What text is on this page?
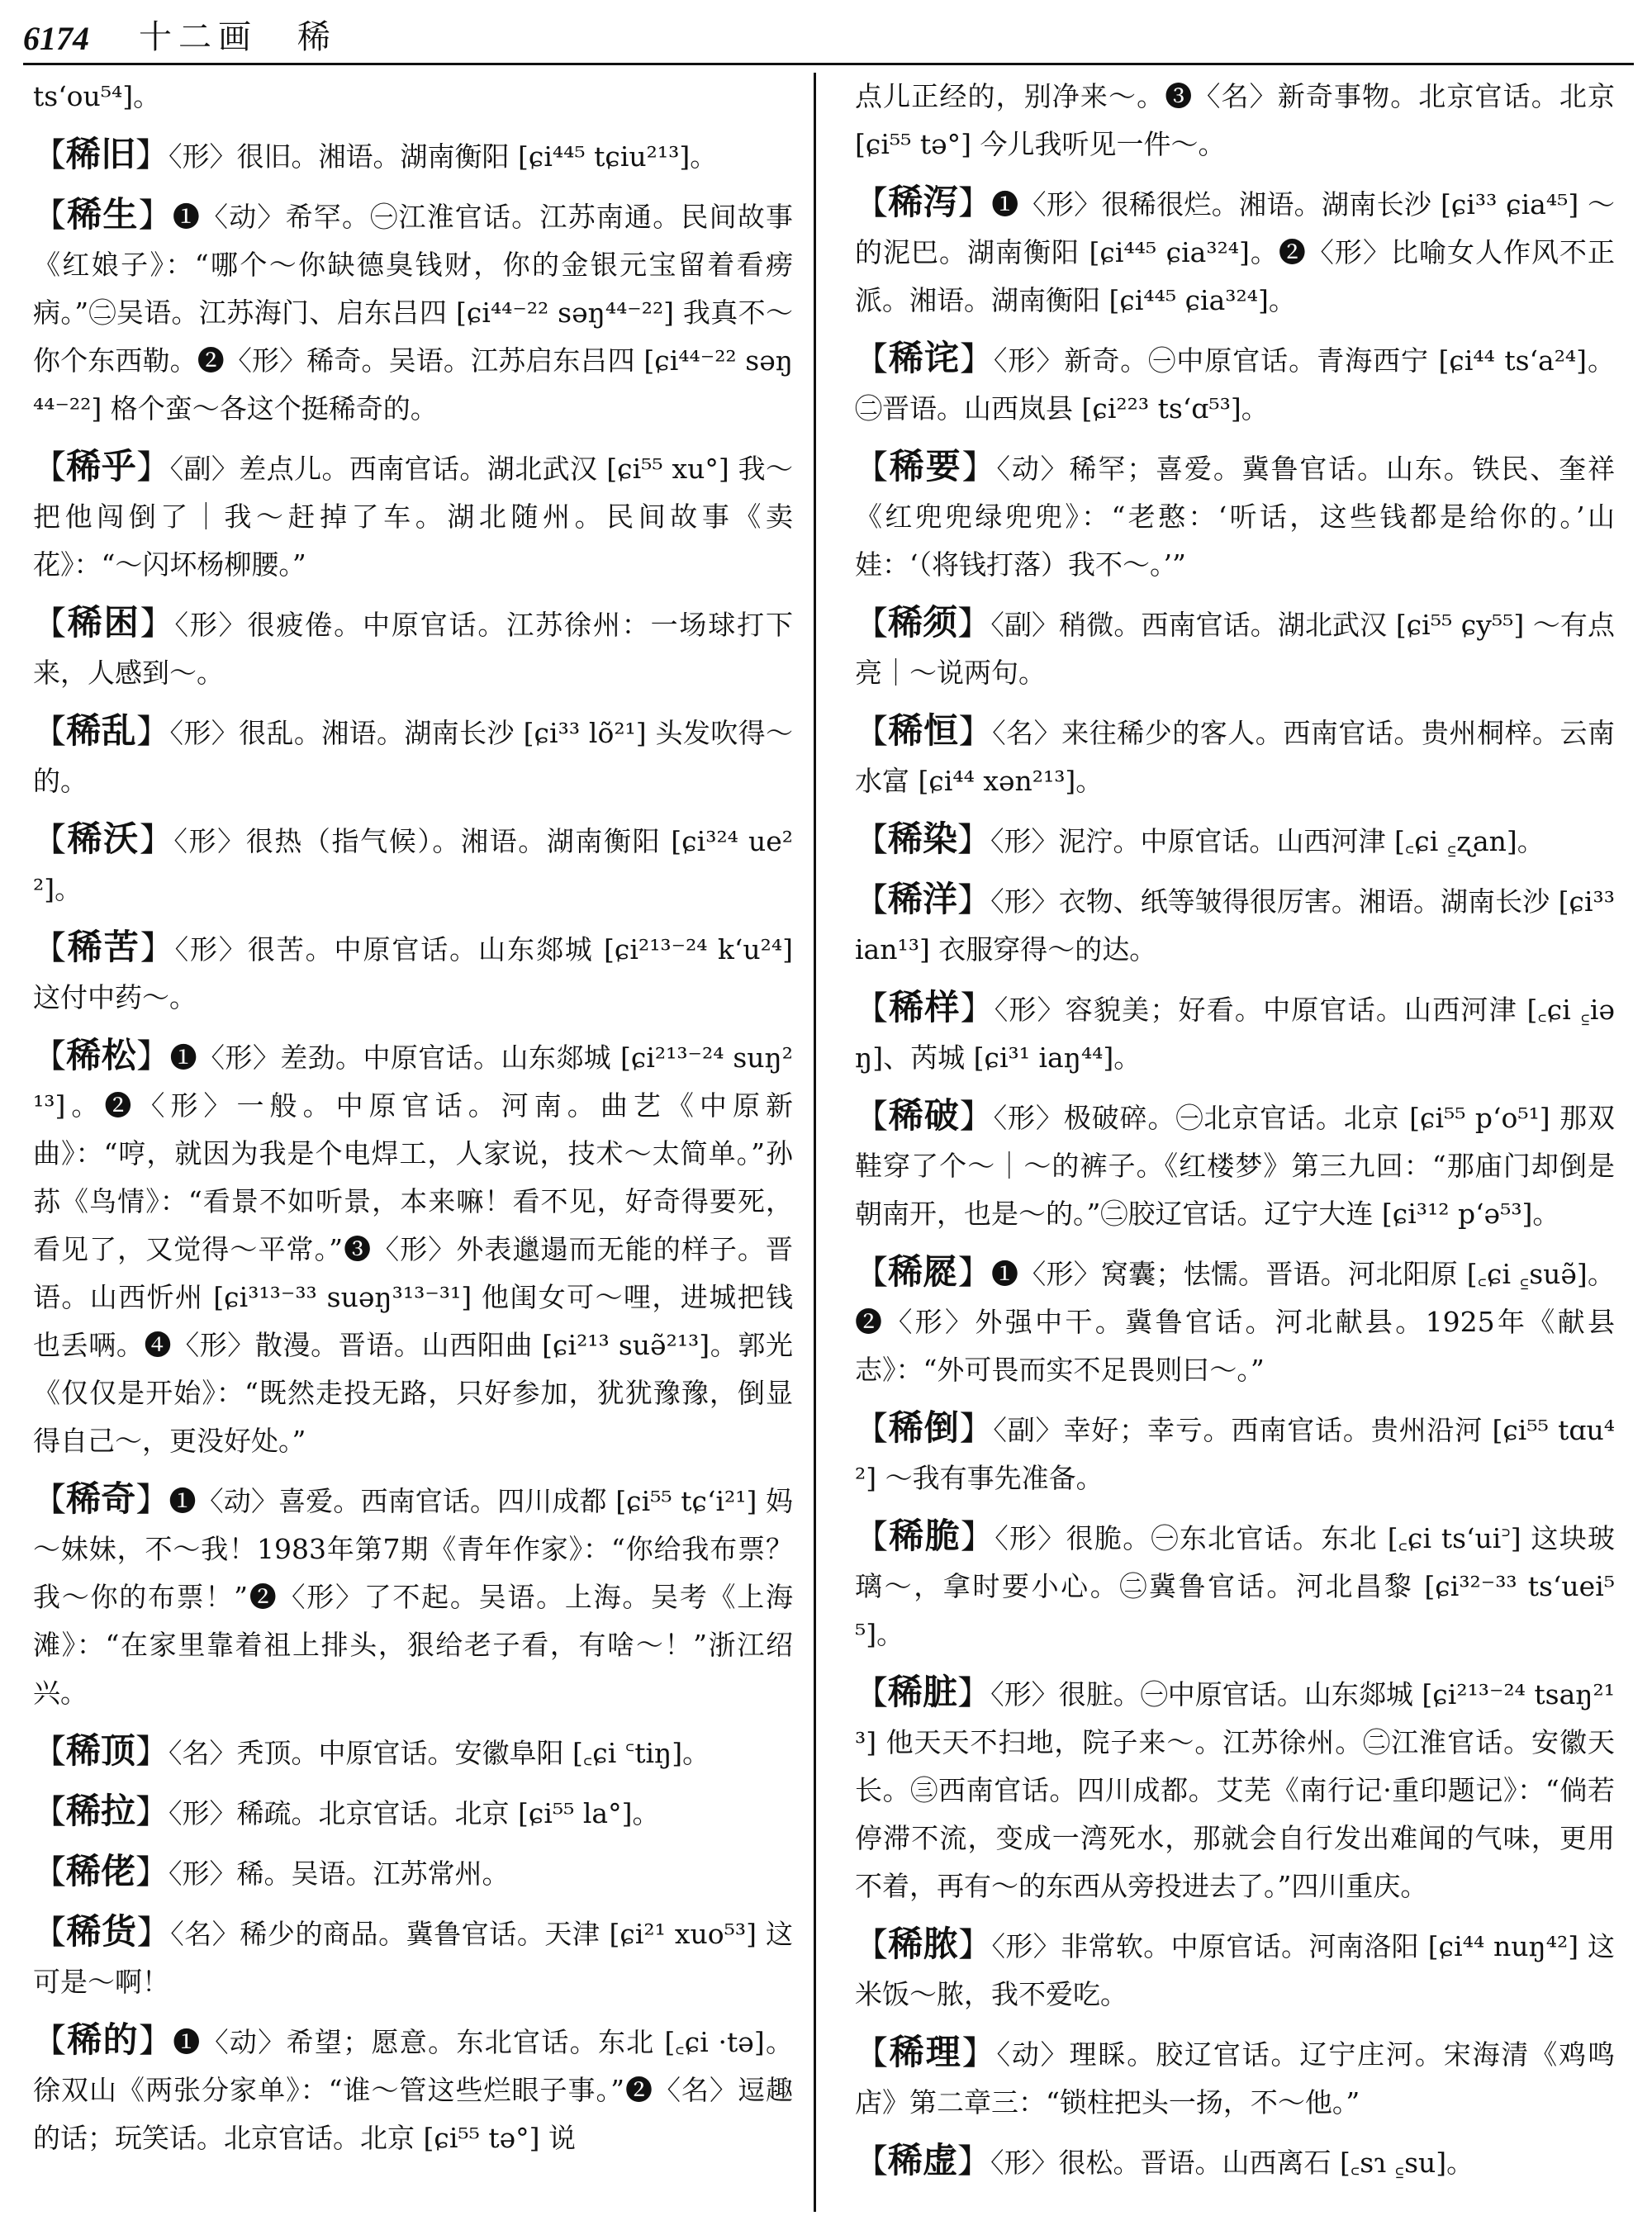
6174 十二画　稀

tsʻou⁵⁴]。

【稀旧】〈形〉很旧。湘语。湖南衡阳 [ɕi⁴⁴⁵ tɕiu²¹³]。

【稀生】❶〈动〉希罕。㊀江淮官话。江苏南通。民间故事《红娘子》：“哪个～你缺德臭钱财，你的金银元宝留着看痨病。”㊁吴语。江苏海门、启东吕四 [ɕi⁴⁴⁻²² səŋ⁴⁴⁻²²] 我真不～你个东西勒。❷〈形〉稀奇。吴语。江苏启东吕四 [ɕi⁴⁴⁻²² səŋ⁴⁴⁻²²] 格个蛮～各这个挺稀奇的。

【稀乎】〈副〉差点儿。西南官话。湖北武汉 [ɕi⁵⁵ xu°] 我～把他闯倒了｜我～赶掉了车。湖北随州。民间故事《卖花》：“～闪坏杨柳腰。”

【稀困】〈形〉很疲倦。中原官话。江苏徐州：一场球打下来，人感到～。

【稀乱】〈形〉很乱。湘语。湖南长沙 [ɕi³³ lõ²¹] 头发吹得～的。

【稀沃】〈形〉很热（指气候）。湘语。湖南衡阳 [ɕi³²⁴ ue²²]。

【稀苦】〈形〉很苦。中原官话。山东郯城 [ɕi²¹³⁻²⁴ kʻu²⁴] 这付中药～。

【稀松】❶〈形〉差劲。中原官话。山东郯城 [ɕi²¹³⁻²⁴ suŋ²¹³]。❷〈形〉一般。中原官话。河南。曲艺《中原新曲》：“哼，就因为我是个电焊工，人家说，技术～太简单。”孙荪《鸟情》：“看景不如听景，本来嘛！看不见，好奇得要死，看见了，又觉得～平常。”❸〈形〉外表邋遢而无能的样子。晋语。山西忻州 [ɕi³¹³⁻³³ suəŋ³¹³⁻³¹] 他闺女可～哩，进城把钱也丢唡。❹〈形〉散漫。晋语。山西阳曲 [ɕi²¹³ suə̃²¹³]。郭光《仅仅是开始》：“既然走投无路，只好参加，犹犹豫豫，倒显得自己～，更没好处。”

【稀奇】❶〈动〉喜爱。西南官话。四川成都 [ɕi⁵⁵ tɕʻi²¹] 妈～妹妹，不～我！1983年第7期《青年作家》：“你给我布票？我～你的布票！”❷〈形〉了不起。吴语。上海。吴考《上海滩》：“在家里靠着祖上排头，狠给老子看，有啥～！”浙江绍兴。

【稀顶】〈名〉秃顶。中原官话。安徽阜阳 [꜀ɕi ꜂tiŋ]。

【稀拉】〈形〉稀疏。北京官话。北京 [ɕi⁵⁵ la°]。

【稀佬】〈形〉稀。吴语。江苏常州。

【稀货】〈名〉稀少的商品。冀鲁官话。天津 [ɕi²¹ xuo⁵³] 这可是～啊！

【稀的】❶〈动〉希望；愿意。东北官话。东北 [꜀ɕi ·tə]。徐双山《两张分家单》：“谁～管这些烂眼子事。”❷〈名〉逗趣的话；玩笑话。北京官话。北京 [ɕi⁵⁵ tə°] 说

点儿正经的，别净来～。❸〈名〉新奇事物。北京官话。北京 [ɕi⁵⁵ tə°] 今儿我听见一件～。

【稀泻】❶〈形〉很稀很烂。湘语。湖南长沙 [ɕi³³ ɕia⁴⁵] ～的泥巴。湖南衡阳 [ɕi⁴⁴⁵ ɕia³²⁴]。❷〈形〉比喻女人作风不正派。湘语。湖南衡阳 [ɕi⁴⁴⁵ ɕia³²⁴]。

【稀诧】〈形〉新奇。㊀中原官话。青海西宁 [ɕi⁴⁴ tsʻa²⁴]。㊁晋语。山西岚县 [ɕi²²³ tsʻɑ⁵³]。

【稀要】〈动〉稀罕；喜爱。冀鲁官话。山东。铁民、奎祥《红兜兜绿兜兜》：“老憨：‘听话，这些钱都是给你的。’山娃：‘（将钱打落）我不～。’”

【稀须】〈副〉稍微。西南官话。湖北武汉 [ɕi⁵⁵ ɕy⁵⁵] ～有点亮｜～说两句。

【稀恒】〈名〉来往稀少的客人。西南官话。贵州桐梓。云南水富 [ɕi⁴⁴ xən²¹³]。

【稀染】〈形〉泥泞。中原官话。山西河津 [꜀ɕi ꜁ʐan]。

【稀洋】〈形〉衣物、纸等皱得很厉害。湘语。湖南长沙 [ɕi³³ ian¹³] 衣服穿得～的达。

【稀样】〈形〉容貌美；好看。中原官话。山西河津 [꜀ɕi ꜁iəŋ]、芮城 [ɕi³¹ iaŋ⁴⁴]。

【稀破】〈形〉极破碎。㊀北京官话。北京 [ɕi⁵⁵ pʻo⁵¹] 那双鞋穿了个～｜～的裤子。《红楼梦》第三九回：“那庙门却倒是朝南开，也是～的。”㊁胶辽官话。辽宁大连 [ɕi³¹² pʻə⁵³]。

【稀㞞】❶〈形〉窝囊；怯懦。晋语。河北阳原 [꜀ɕi ꜁suə̃]。❷〈形〉外强中干。冀鲁官话。河北献县。1925年《献县志》：“外可畏而实不足畏则曰～。”

【稀倒】〈副〉幸好；幸亏。西南官话。贵州沿河 [ɕi⁵⁵ tɑu⁴²] ～我有事先准备。

【稀脆】〈形〉很脆。㊀东北官话。东北 [꜀ɕi tsʻui꜄] 这块玻璃～，拿时要小心。㊁冀鲁官话。河北昌黎 [ɕi³²⁻³³ tsʻuei⁵⁵]。

【稀脏】〈形〉很脏。㊀中原官话。山东郯城 [ɕi²¹³⁻²⁴ tsaŋ²¹³] 他天天不扫地，院子来～。江苏徐州。㊁江淮官话。安徽天长。㊂西南官话。四川成都。艾芜《南行记·重印题记》：“倘若停滞不流，变成一湾死水，那就会自行发出难闻的气味，更用不着，再有～的东西从旁投进去了。”四川重庆。

【稀脓】〈形〉非常软。中原官话。河南洛阳 [ɕi⁴⁴ nuŋ⁴²] 这米饭～脓，我不爱吃。

【稀理】〈动〉理睬。胶辽官话。辽宁庄河。宋海清《鸡鸣店》第二章三：“锁柱把头一扬，不～他。”

【稀虚】〈形〉很松。晋语。山西离石 [꜀sɿ ꜁su]。
